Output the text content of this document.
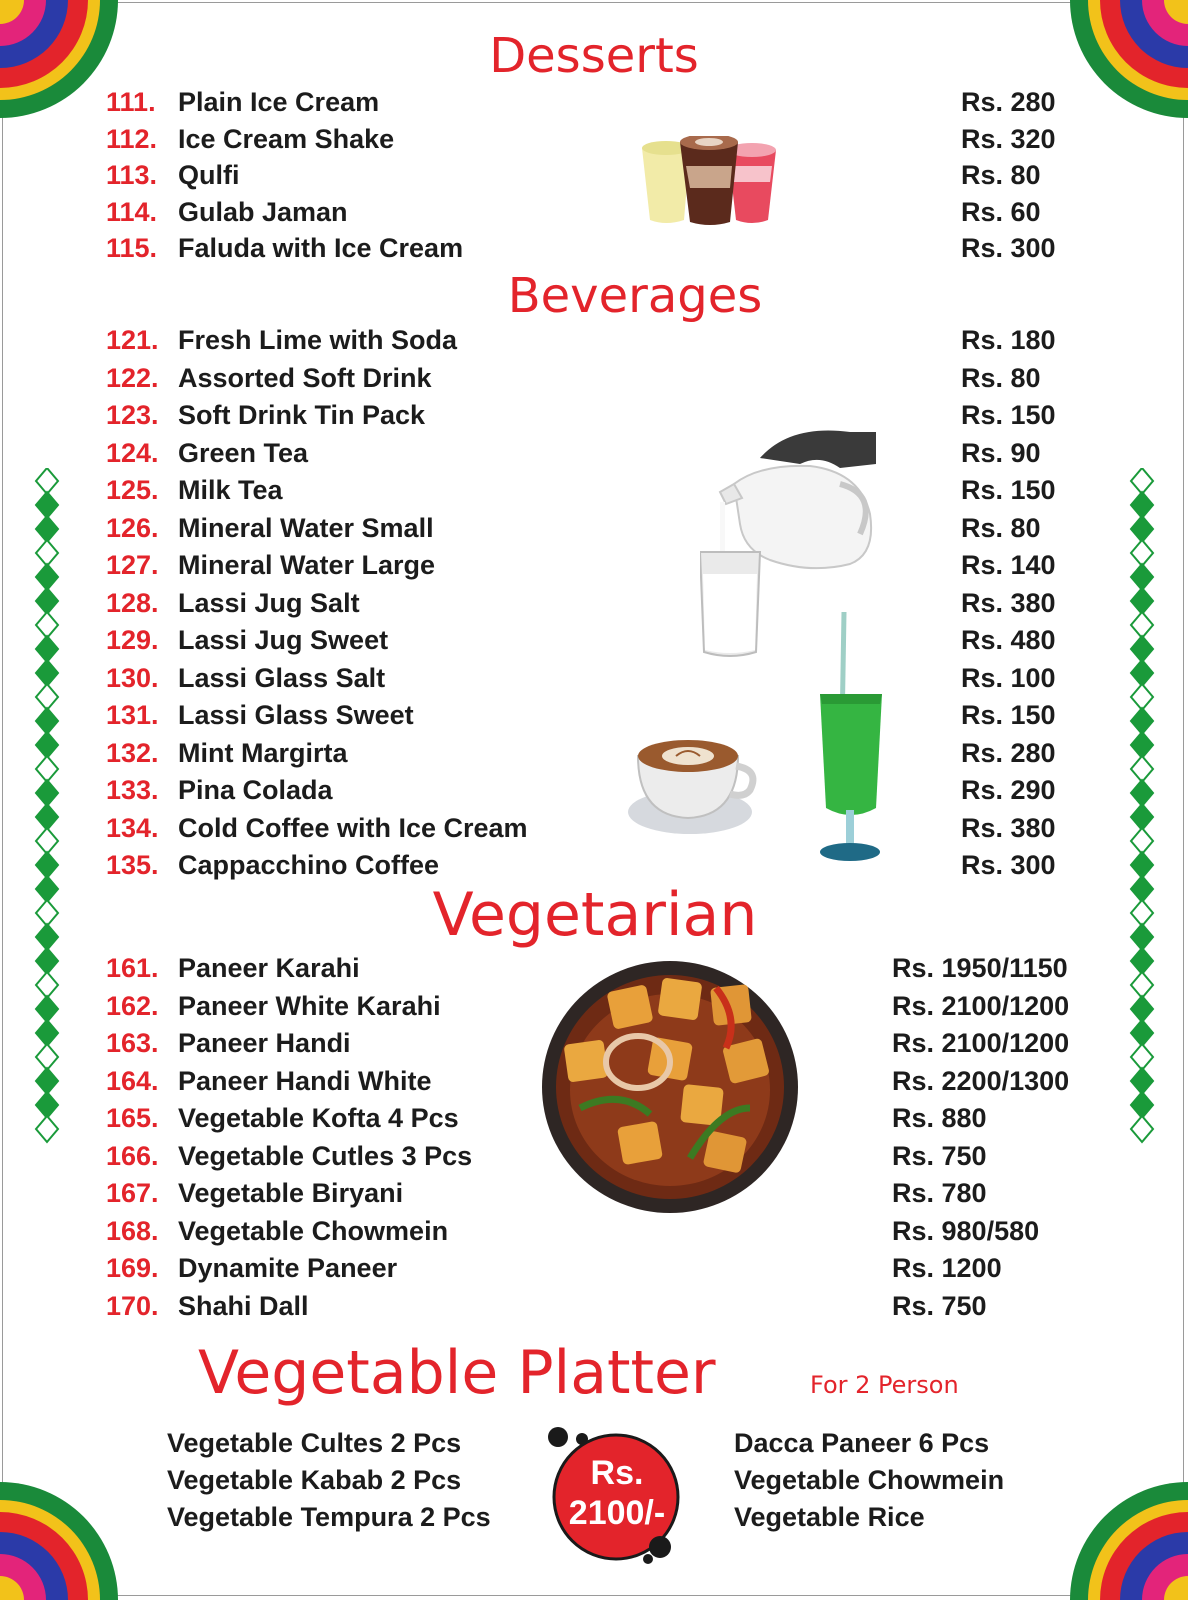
Desserts
111. Plain Ice Cream	Rs. 280
112. Ice Cream Shake	Rs. 320
113. Qulfi	Rs. 80
114. Gulab Jaman	Rs. 60
115. Faluda with Ice Cream	Rs. 300
Beverages
121. Fresh Lime with Soda	Rs. 180
122. Assorted Soft Drink	Rs. 80
123. Soft Drink Tin Pack	Rs. 150
124. Green Tea	Rs. 90
125. Milk Tea	Rs. 150
126. Mineral Water Small	Rs. 80
127. Mineral Water Large	Rs. 140
128. Lassi Jug Salt	Rs. 380
129. Lassi Jug Sweet	Rs. 480
130. Lassi Glass Salt	Rs. 100
131. Lassi Glass Sweet	Rs. 150
132. Mint Margirta	Rs. 280
133. Pina Colada	Rs. 290
134. Cold Coffee with Ice Cream	Rs. 380
135. Cappacchino Coffee	Rs. 300
Vegetarian
161. Paneer Karahi	Rs. 1950/1150
162. Paneer White Karahi	Rs. 2100/1200
163. Paneer Handi	Rs. 2100/1200
164. Paneer Handi White	Rs. 2200/1300
165. Vegetable Kofta 4 Pcs	Rs. 880
166. Vegetable Cutles 3 Pcs	Rs. 750
167. Vegetable Biryani	Rs. 780
168. Vegetable Chowmein	Rs. 980/580
169. Dynamite Paneer	Rs. 1200
170. Shahi Dall	Rs. 750
Vegetable Platter	For 2 Person
Vegetable Cultes 2 Pcs
Vegetable Kabab 2 Pcs
Vegetable Tempura 2 Pcs
Rs.
2100/-
Dacca Paneer 6 Pcs
Vegetable Chowmein
Vegetable Rice
